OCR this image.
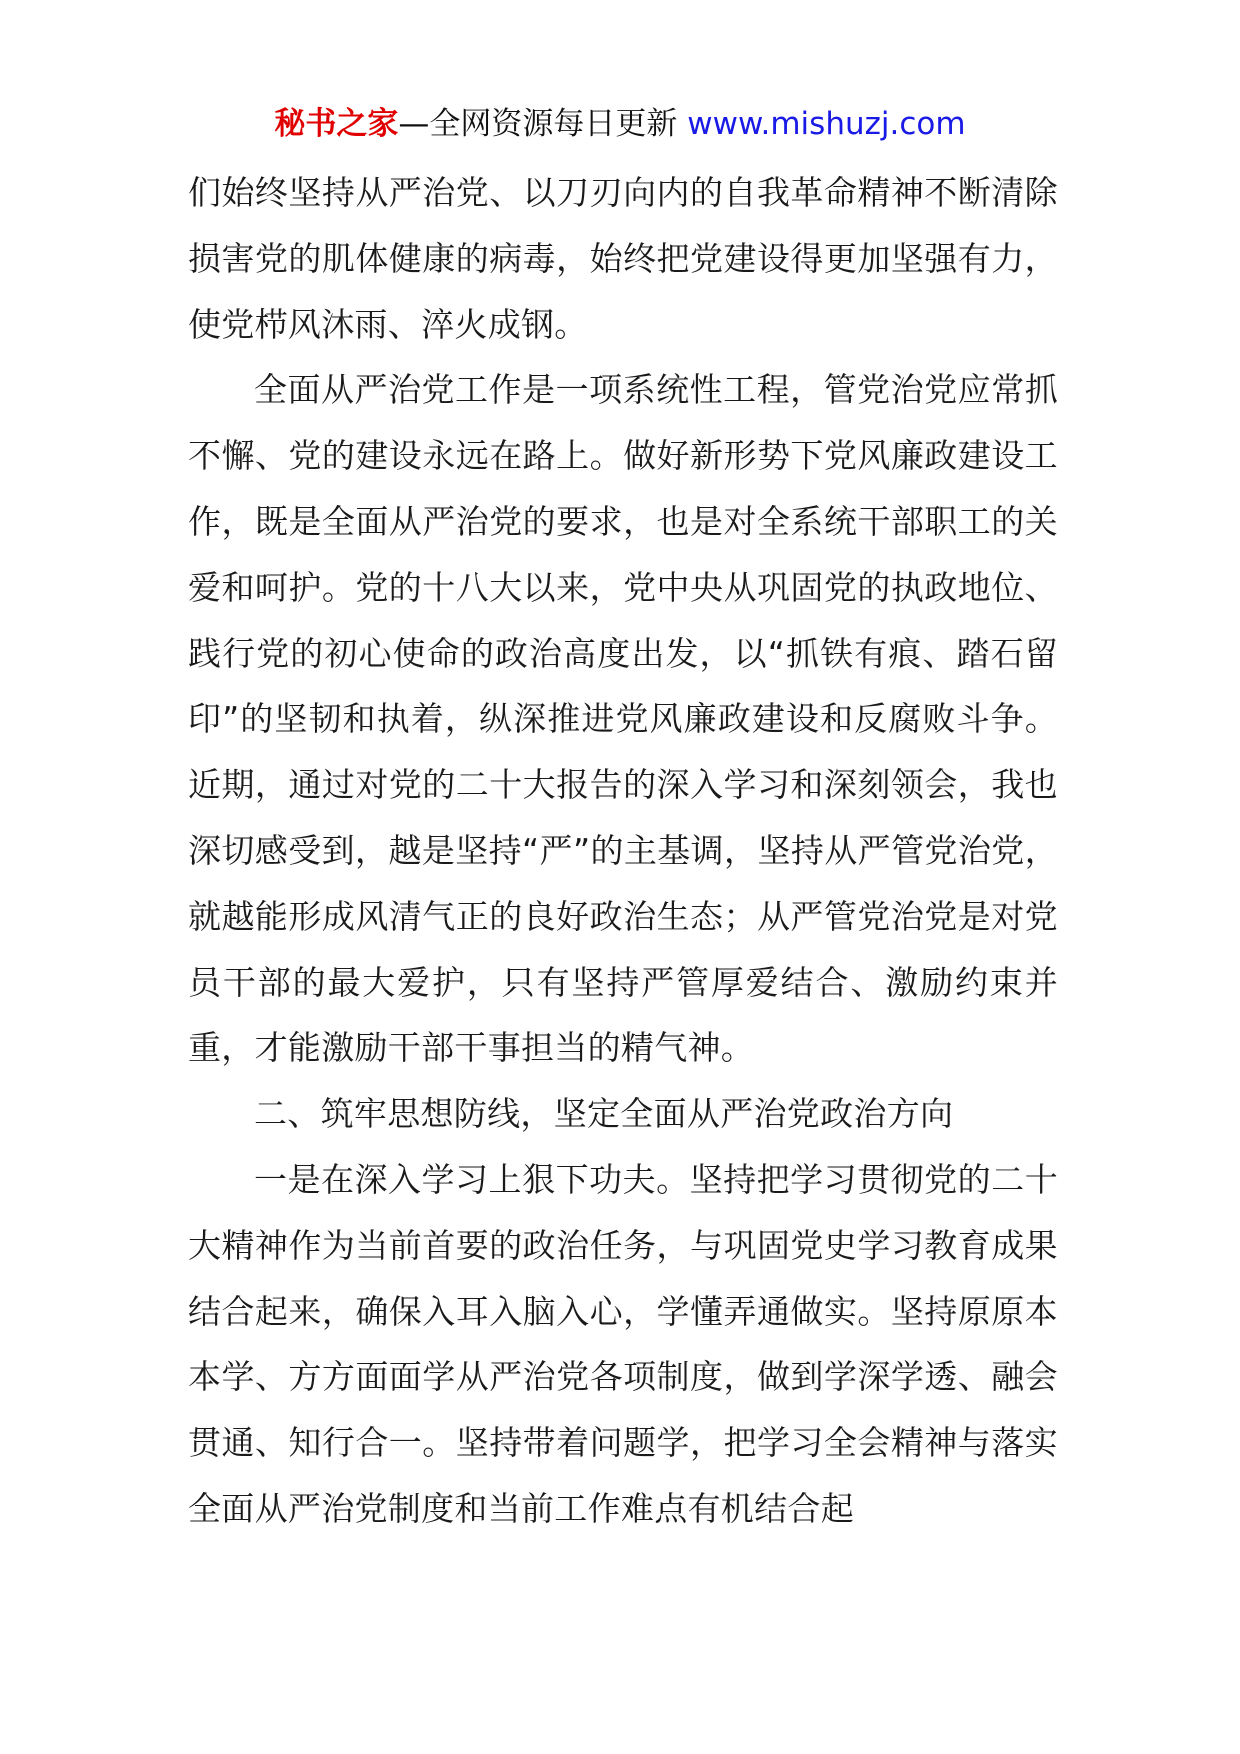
秘书之家—全网资源每日更新 www.mishuzj.com

们始终坚持从严治党、以刀刃向内的自我革命精神不断清除损害党的肌体健康的病毒，始终把党建设得更加坚强有力，使党栉风沐雨、淬火成钢。

全面从严治党工作是一项系统性工程，管党治党应常抓不懈、党的建设永远在路上。做好新形势下党风廉政建设工作，既是全面从严治党的要求，也是对全系统干部职工的关爱和呵护。党的十八大以来，党中央从巩固党的执政地位、践行党的初心使命的政治高度出发，以“抓铁有痕、踏石留印”的坚韧和执着，纵深推进党风廉政建设和反腐败斗争。近期，通过对党的二十大报告的深入学习和深刻领会，我也深切感受到，越是坚持“严”的主基调，坚持从严管党治党，就越能形成风清气正的良好政治生态；从严管党治党是对党员干部的最大爱护，只有坚持严管厚爱结合、激励约束并重，才能激励干部干事担当的精气神。

二、筑牢思想防线，坚定全面从严治党政治方向

一是在深入学习上狠下功夫。坚持把学习贯彻党的二十大精神作为当前首要的政治任务，与巩固党史学习教育成果结合起来，确保入耳入脑入心，学懂弄通做实。坚持原原本本学、方方面面学从严治党各项制度，做到学深学透、融会贯通、知行合一。坚持带着问题学，把学习全会精神与落实全面从严治党制度和当前工作难点有机结合起
